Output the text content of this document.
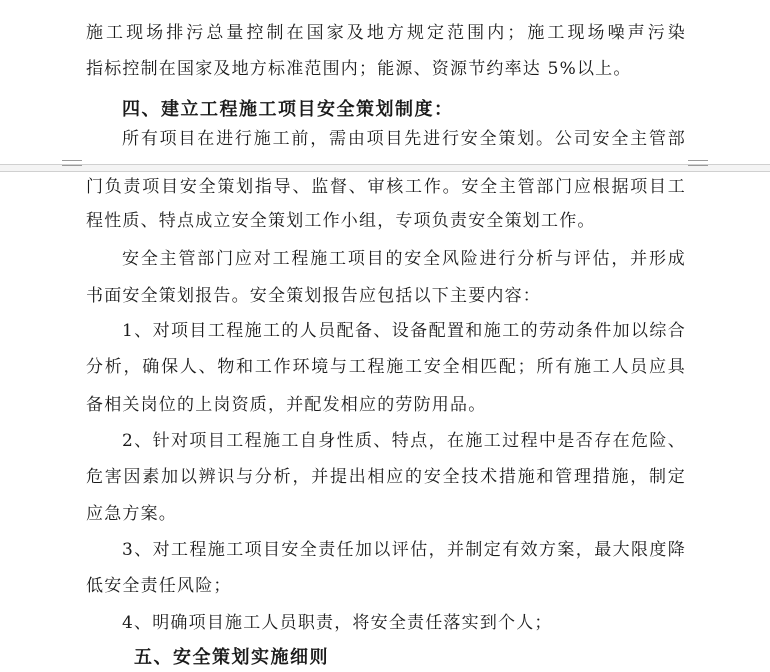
施工现场排污总量控制在国家及地方规定范围内；施工现场噪声污染
指标控制在国家及地方标准范围内；能源、资源节约率达 5%以上。
四、建立工程施工项目安全策划制度：
所有项目在进行施工前，需由项目先进行安全策划。公司安全主管部
门负责项目安全策划指导、监督、审核工作。安全主管部门应根据项目工
程性质、特点成立安全策划工作小组，专项负责安全策划工作。
安全主管部门应对工程施工项目的安全风险进行分析与评估，并形成
书面安全策划报告。安全策划报告应包括以下主要内容：
1、对项目工程施工的人员配备、设备配置和施工的劳动条件加以综合
分析，确保人、物和工作环境与工程施工安全相匹配；所有施工人员应具
备相关岗位的上岗资质，并配发相应的劳防用品。
2、针对项目工程施工自身性质、特点，在施工过程中是否存在危险、
危害因素加以辨识与分析，并提出相应的安全技术措施和管理措施，制定
应急方案。
3、对工程施工项目安全责任加以评估，并制定有效方案，最大限度降
低安全责任风险；
4、明确项目施工人员职责，将安全责任落实到个人；
五、安全策划实施细则
